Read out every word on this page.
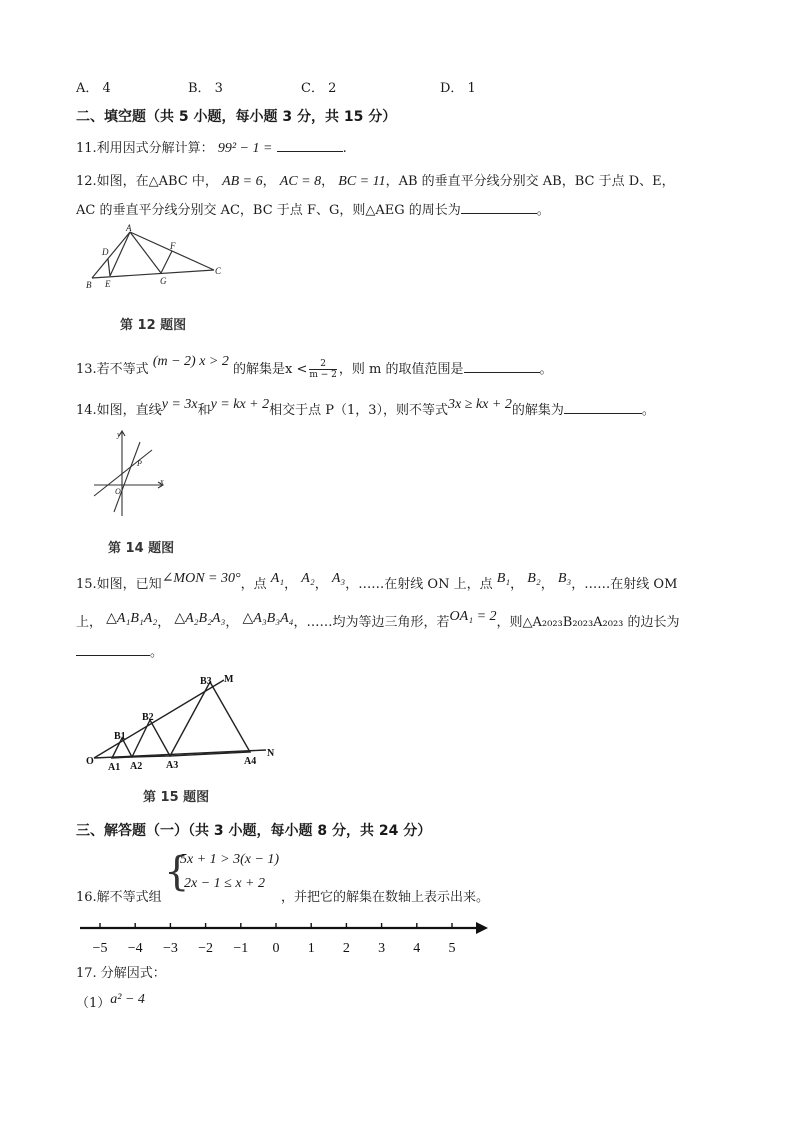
A． 4	B． 3	C． 2	D． 1
二、填空题（共 5 小题，每小题 3 分，共 15 分）
11.利用因式分解计算： 99² − 1 =	.
12.如图，在△ABC 中， AB = 6， AC = 8， BC = 11，AB 的垂直平分线分别交 AB，BC 于点 D、E，
AC 的垂直平分线分别交 AC，BC 于点 F、G，则△AEG 的周长为	。
A
B
C
D
E
F
G
第 12 题图
13.若不等式 (m − 2) x > 2 的解集是$x < \frac{2}{m - 2}$ ，则 m 的取值范围是	。
14.如图，直线y = 3x和y = kx + 2相交于点 P（1，3），则不等式3x ≥ kx + 2的解集为	。
y
x
O
P
第 14 题图
15.如图，已知∠MON = 30°，点 A₁， A₂， A₃，……在射线 ON 上，点 B₁， B₂， B₃，……在射线 OM
上， △A₁B₁A₂， △A₂B₂A₃， △A₃B₃A₄，……均为等边三角形，若OA₁ = 2，则△A₂₀₂₃B₂₀₂₃A₂₀₂₃ 的边长为
。
O
A1 A2 A3	A4
B1
B2
B3 M
N
第 15 题图
三、解答题（一）（共 3 小题，每小题 8 分，共 24 分）
16.解不等式组
{
5x + 1 > 3(x − 1)
2x − 1 ≤ x + 2
，并把它的解集在数轴上表示出来。
−5 −4 −3 −2 −1 0 1 2 3 4 5
17. 分解因式：
（1）a² − 4
